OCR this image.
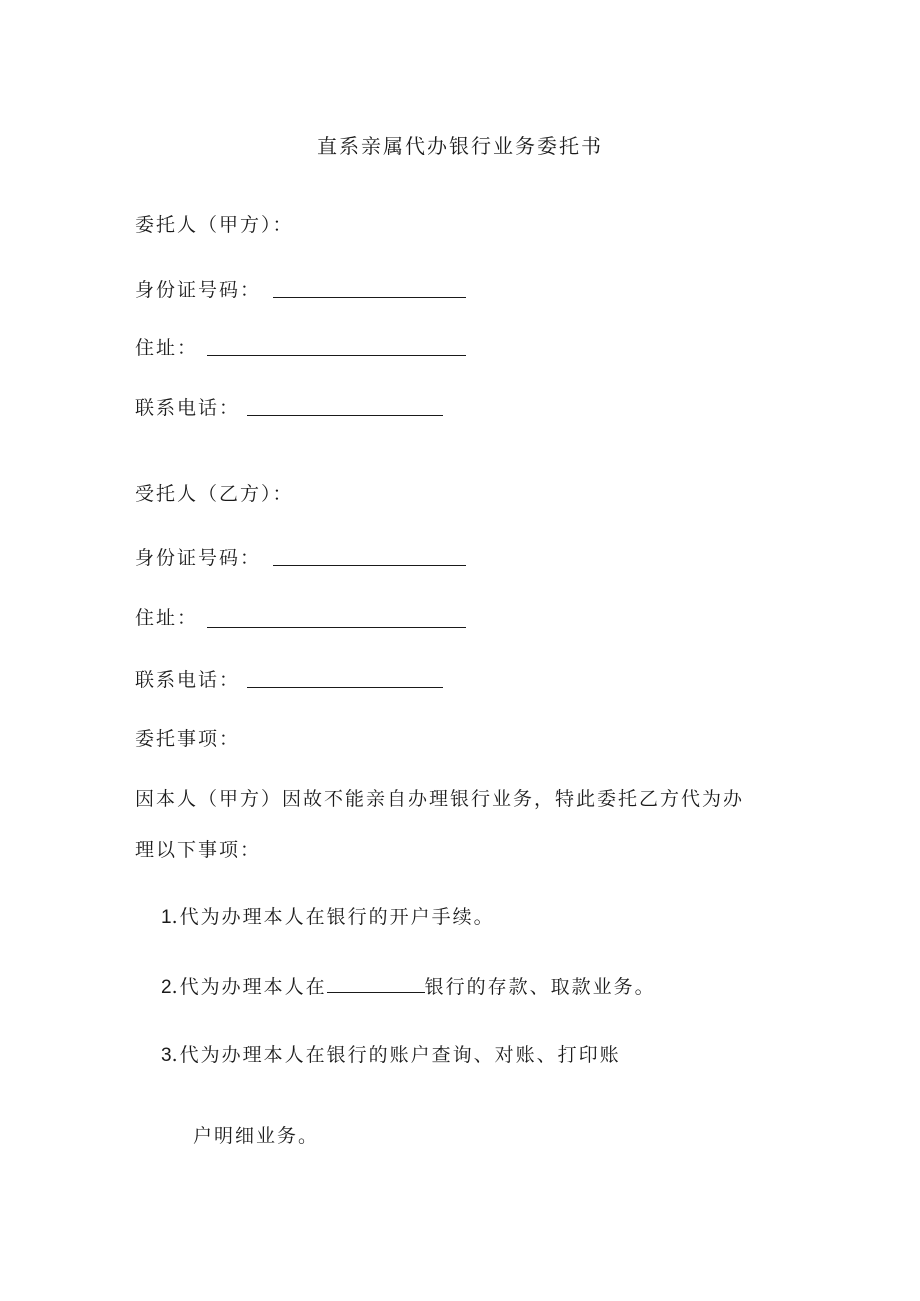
直系亲属代办银行业务委托书
委托人（甲方）：
身份证号码：
住址：
联系电话：
受托人（乙方）：
身份证号码：
住址：
联系电话：
委托事项：
因本人（甲方）因故不能亲自办理银行业务，特此委托乙方代为办
理以下事项：
1.代为办理本人在银行的开户手续。
2.代为办理本人在	银行的存款、取款业务。
3.代为办理本人在银行的账户查询、对账、打印账
户明细业务。
